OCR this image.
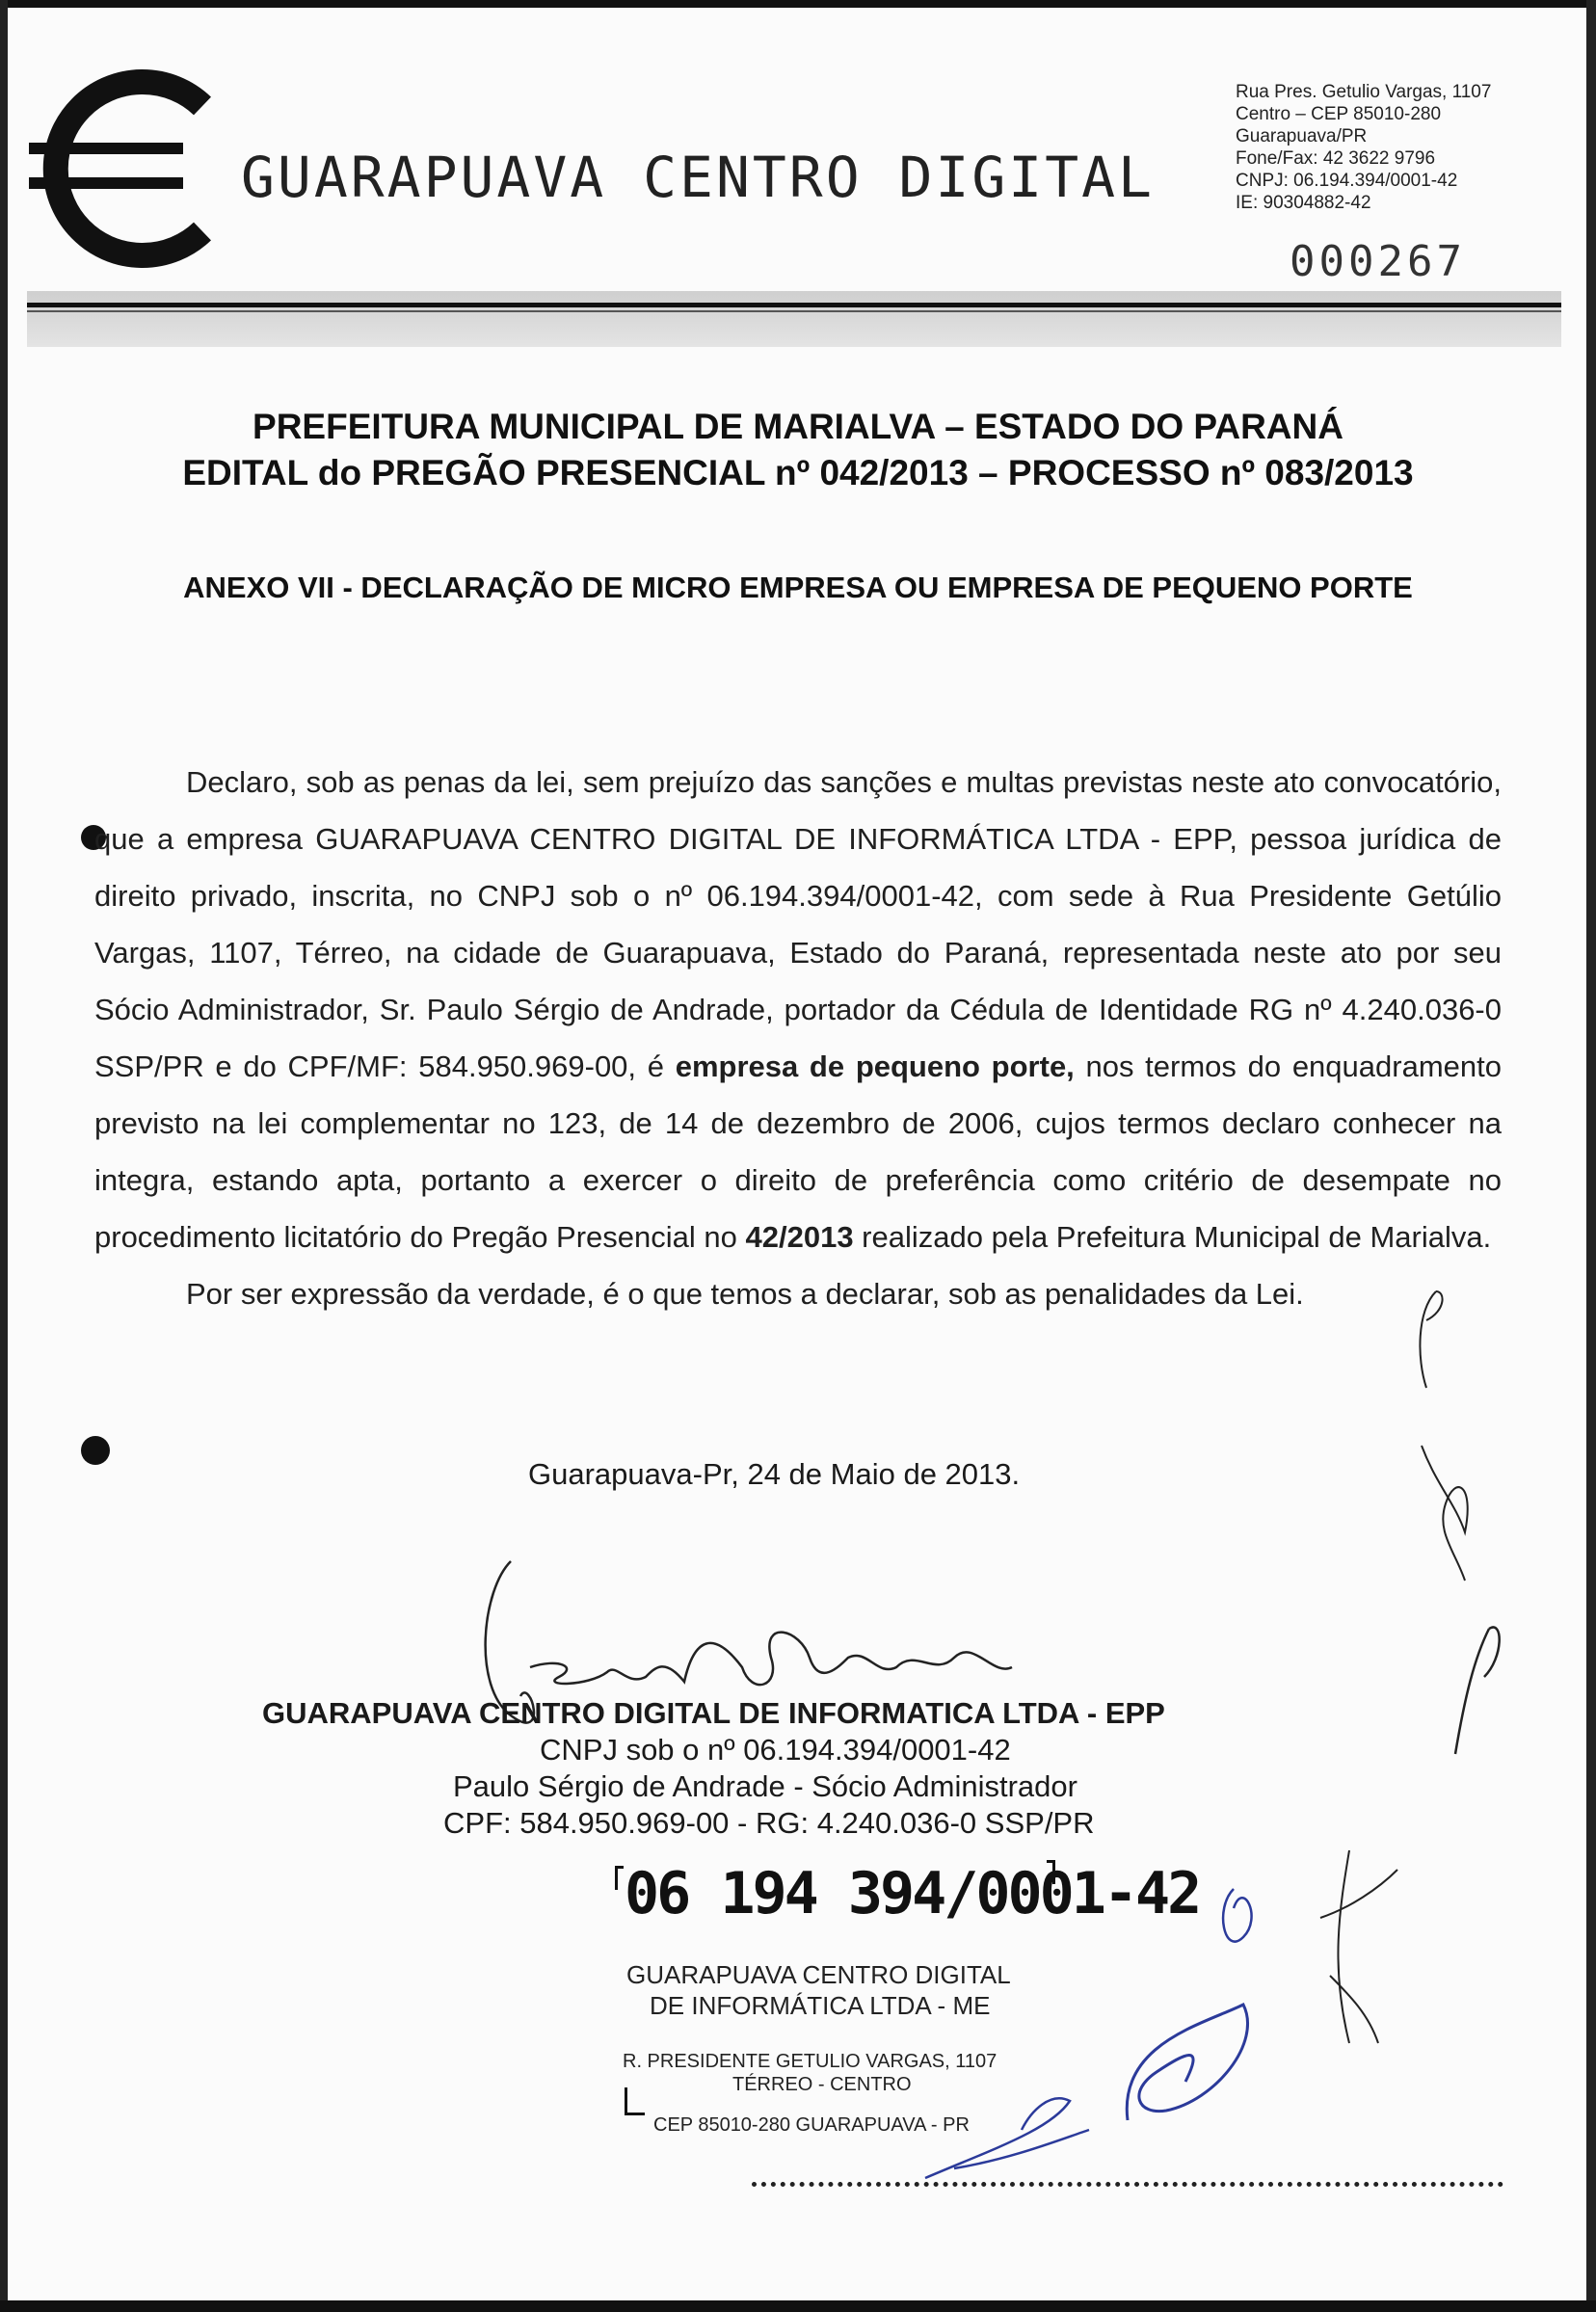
GUARAPUAVA CENTRO DIGITAL
Rua Pres. Getulio Vargas, 1107
Centro – CEP 85010-280
Guarapuava/PR
Fone/Fax: 42 3622 9796
CNPJ: 06.194.394/0001-42
IE: 90304882-42
000267
PREFEITURA MUNICIPAL DE MARIALVA – ESTADO DO PARANÁ
EDITAL do PREGÃO PRESENCIAL nº 042/2013 – PROCESSO nº 083/2013
ANEXO VII - DECLARAÇÃO DE MICRO EMPRESA OU EMPRESA DE PEQUENO PORTE

Declaro, sob as penas da lei, sem prejuízo das sanções e multas previstas neste ato convocatório, que a empresa GUARAPUAVA CENTRO DIGITAL DE INFORMÁTICA LTDA - EPP, pessoa jurídica de direito privado, inscrita, no CNPJ sob o nº 06.194.394/0001-42, com sede à Rua Presidente Getúlio Vargas, 1107, Térreo, na cidade de Guarapuava, Estado do Paraná, representada neste ato por seu Sócio Administrador, Sr. Paulo Sérgio de Andrade, portador da Cédula de Identidade RG nº 4.240.036-0 SSP/PR e do CPF/MF: 584.950.969-00, é empresa de pequeno porte, nos termos do enquadramento previsto na lei complementar no 123, de 14 de dezembro de 2006, cujos termos declaro conhecer na integra, estando apta, portanto a exercer o direito de preferência como critério de desempate no procedimento licitatório do Pregão Presencial no 42/2013 realizado pela Prefeitura Municipal de Marialva.

Por ser expressão da verdade, é o que temos a declarar, sob as penalidades da Lei.

Guarapuava-Pr, 24 de Maio de 2013.
GUARAPUAVA CENTRO DIGITAL DE INFORMATICA LTDA - EPP
CNPJ sob o nº 06.194.394/0001-42
Paulo Sérgio de Andrade - Sócio Administrador
CPF: 584.950.969-00 - RG: 4.240.036-0 SSP/PR
06 194 394/0001-42
GUARAPUAVA CENTRO DIGITAL
DE INFORMÁTICA LTDA - ME
R. PRESIDENTE GETULIO VARGAS, 1107
TÉRREO - CENTRO
CEP 85010-280 GUARAPUAVA - PR
